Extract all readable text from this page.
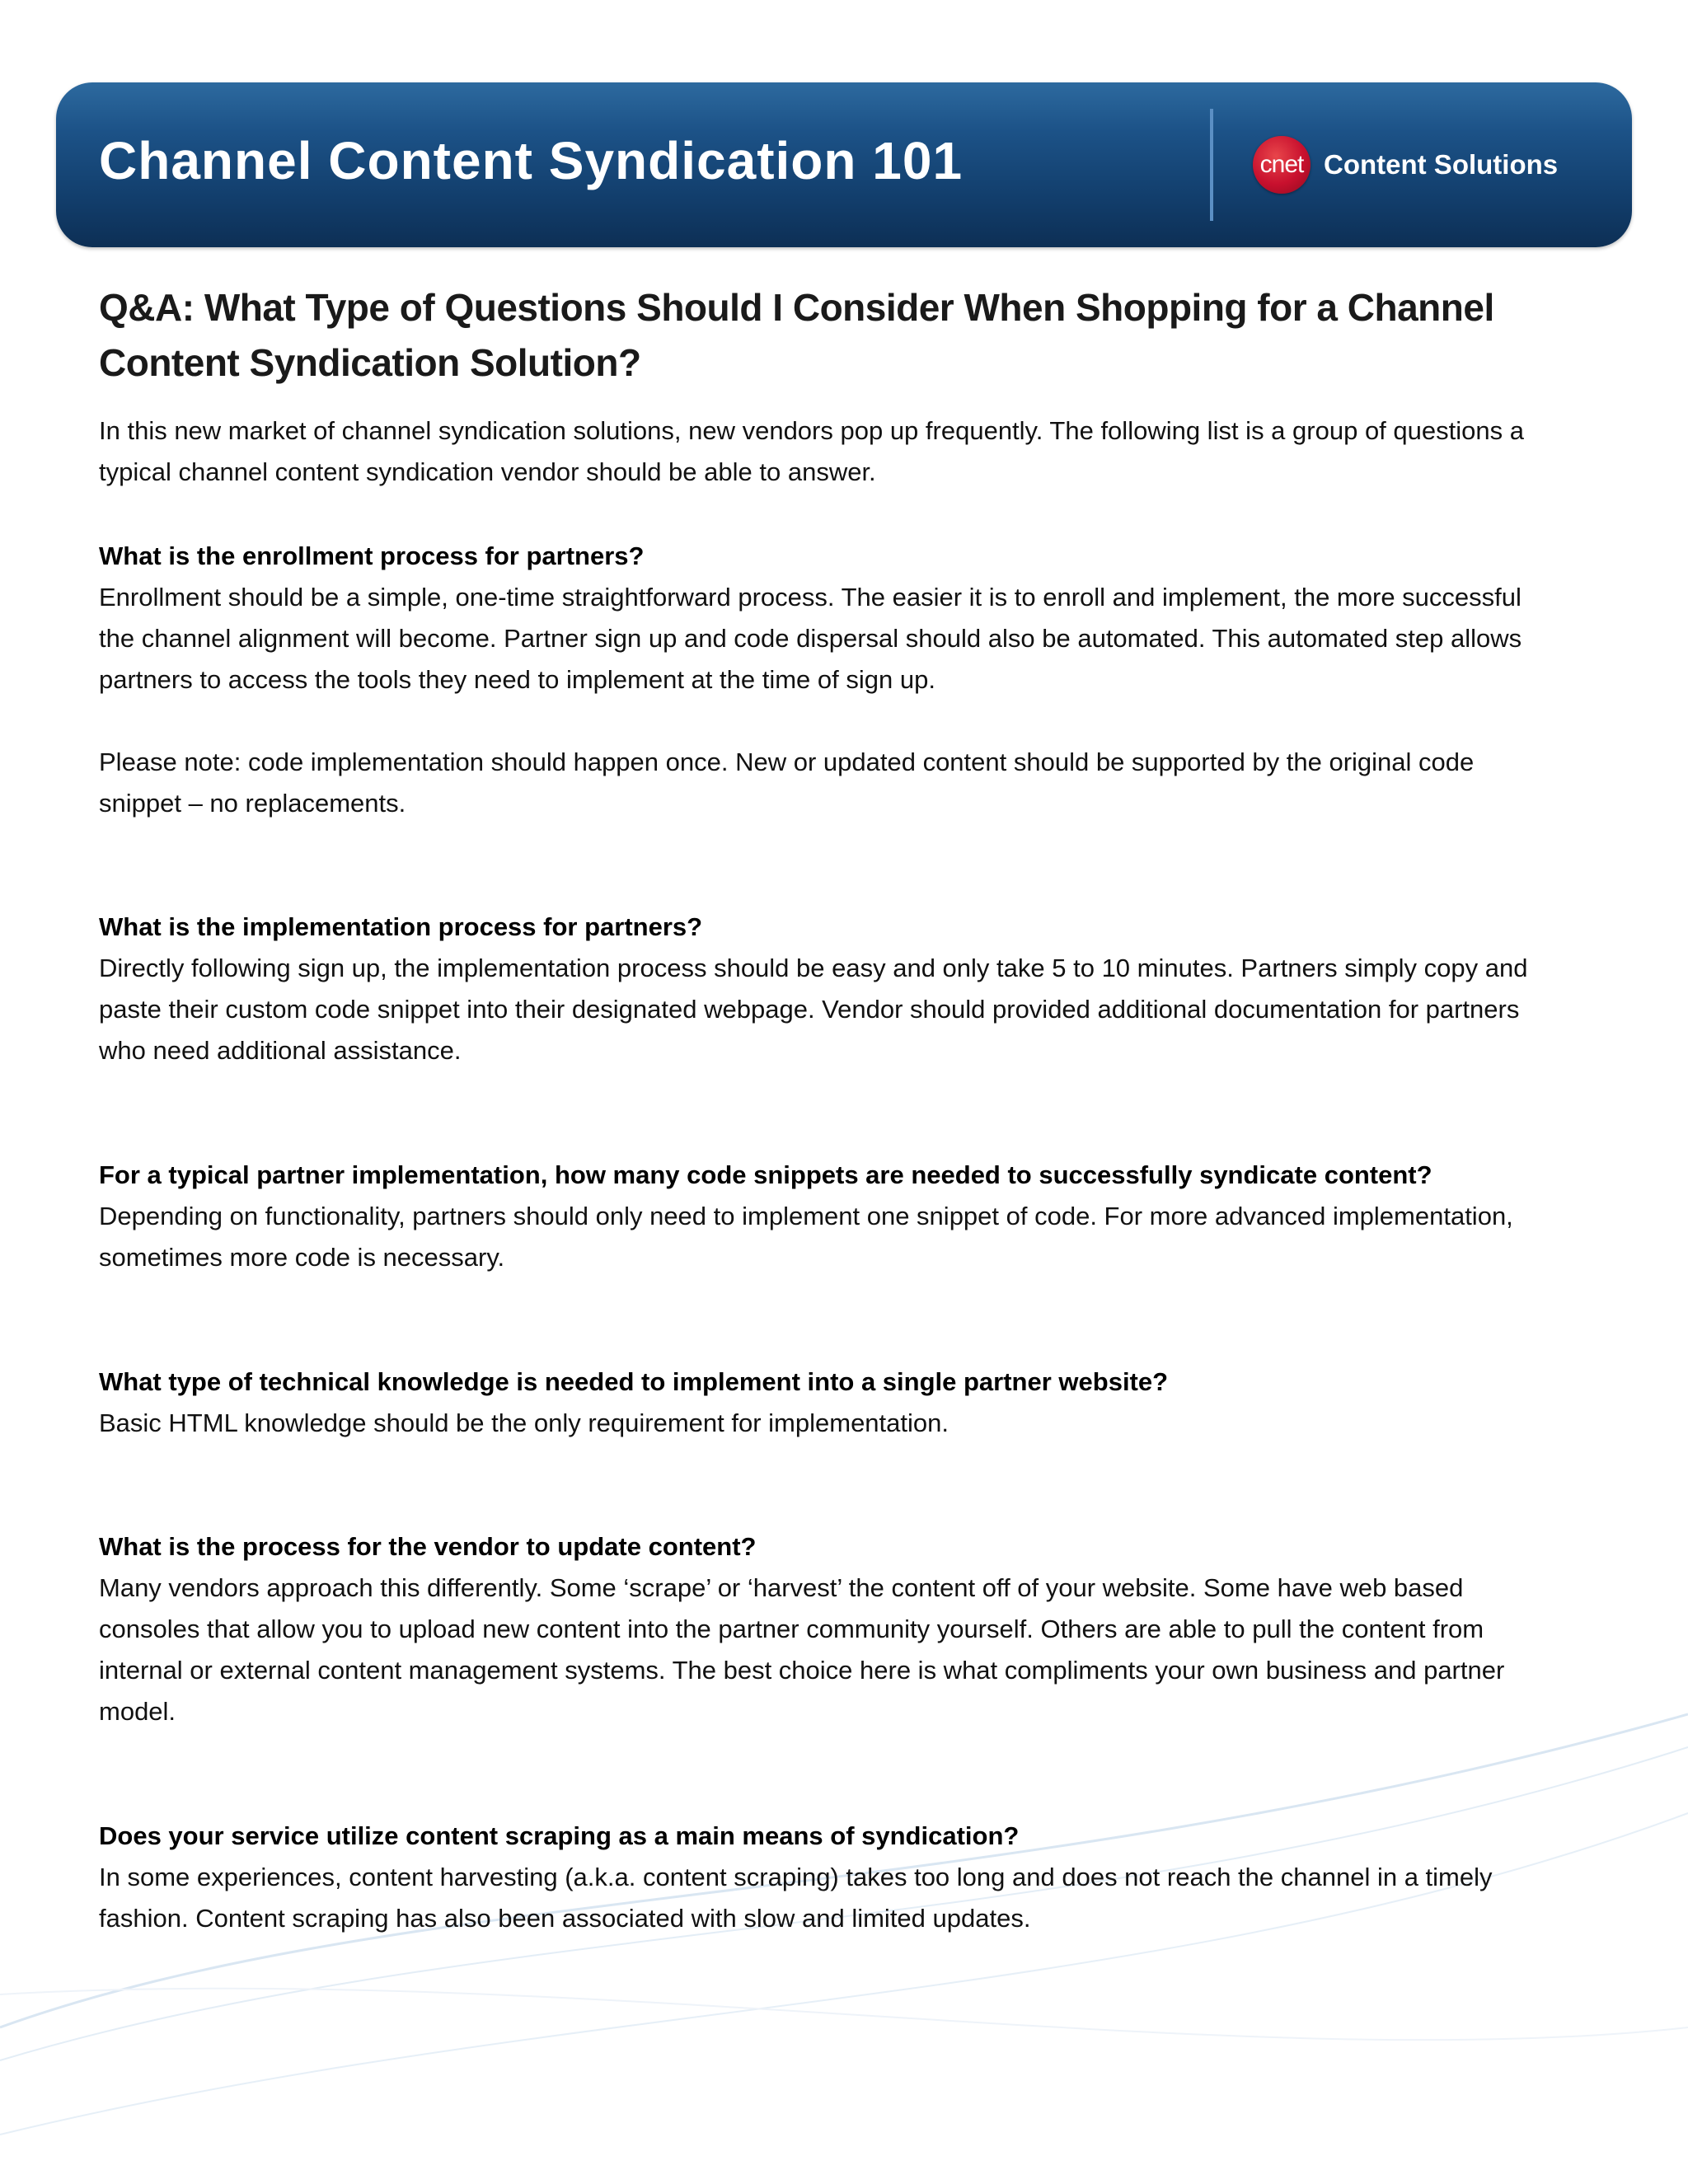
Channel Content Syndication 101	cnet Content Solutions
Q&A: What Type of Questions Should I Consider When Shopping for a Channel Content Syndication Solution?

In this new market of channel syndication solutions, new vendors pop up frequently. The following list is a group of questions a typical channel content syndication vendor should be able to answer.

What is the enrollment process for partners?

Enrollment should be a simple, one-time straightforward process. The easier it is to enroll and implement, the more successful the channel alignment will become. Partner sign up and code dispersal should also be automated. This automated step allows partners to access the tools they need to implement at the time of sign up.

Please note: code implementation should happen once. New or updated content should be supported by the original code snippet – no replacements.

What is the implementation process for partners?

Directly following sign up, the implementation process should be easy and only take 5 to 10 minutes. Partners simply copy and paste their custom code snippet into their designated webpage. Vendor should provided additional documentation for partners who need additional assistance.

For a typical partner implementation, how many code snippets are needed to successfully syndicate content?

Depending on functionality, partners should only need to implement one snippet of code. For more advanced implementation, sometimes more code is necessary.

What type of technical knowledge is needed to implement into a single partner website?

Basic HTML knowledge should be the only requirement for implementation.

What is the process for the vendor to update content?

Many vendors approach this differently. Some ‘scrape’ or ‘harvest’ the content off of your website. Some have web based consoles that allow you to upload new content into the partner community yourself. Others are able to pull the content from internal or external content management systems. The best choice here is what compliments your own business and partner model.

Does your service utilize content scraping as a main means of syndication?

In some experiences, content harvesting (a.k.a. content scraping) takes too long and does not reach the channel in a timely fashion. Content scraping has also been associated with slow and limited updates.
